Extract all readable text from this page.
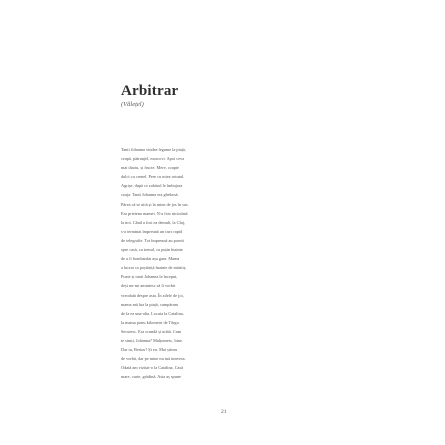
Arbitrar
(Vălețel)
Tanti Johanna vindea legume la piață,
ceapă, pătrunjel, morcovi. Apoi ceva
mai târziu, și fructe. Mere, coapte
dulci cu crenel. Pere cu miez rotund.
Agrișe, după ce zahărul le îmbujora
coaja. Tanti Johanna era ghebosă.
Părea că se uită și la mine de jos în sus.
Era prietena mamei. N-a fost niciodată
la noi. Când a fost ea demult, la Cluj,
s-a terminat împreună un curs rapid
de telegrafie. Tot împreună au pornit
spre casă, cu trenul, cu puțin înainte
de a fi bombardat așa gara. Mama
a lucrat ca poștăriță înainte de măritiș.
Poate și tanti Johanna la început,
deși nu-mi amintesc să fi vorbit
vreodată despre asta. În zilele de joi,
mama mă lua la piață, cumpăram
de la ea una-alta. Locuia la Catalina,
la mama patru kilometri de Târgu
Secuiesc. Era scundă și urâtă. Cum
te simți, Johanna? Mulțumesc, bine.
Dar tu, Bertus? Și eu. Mai știeau
de vorbă, dar pe mine nu mă interesa.
Odată am vizitat-o la Catalina. Casă
mare, curte, grădină. Asta aș spune
21
